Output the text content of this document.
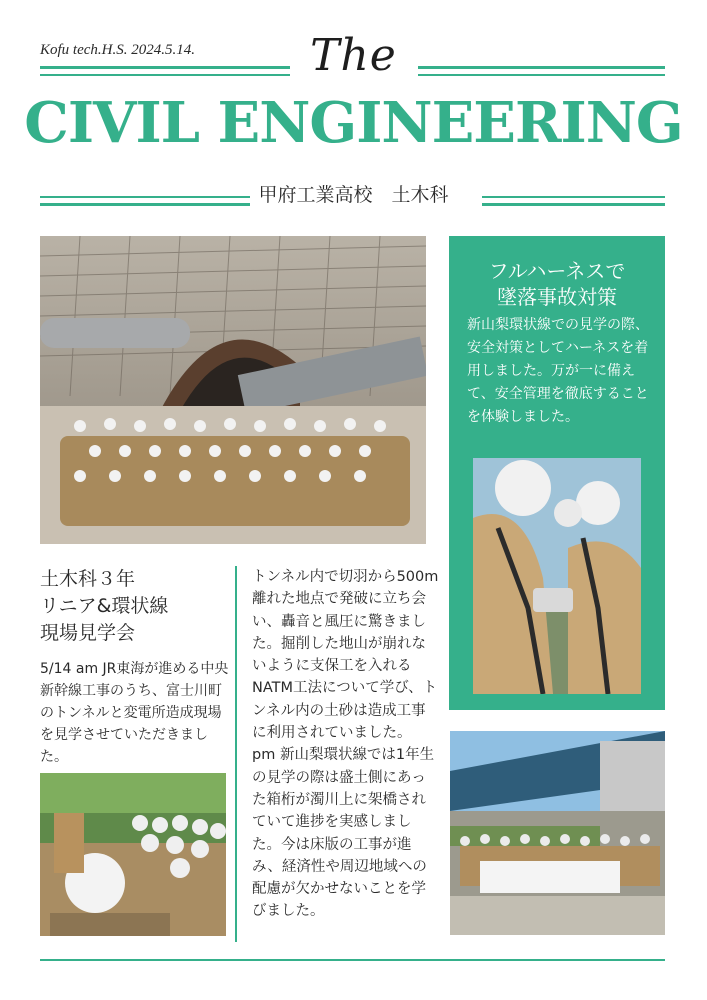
Kofu tech.H.S. 2024.5.14.	The
CIVIL ENGINEERING
甲府工業高校　土木科
フルハーネスで
墜落事故対策
新山梨環状線での見学の際、安全対策としてハーネスを着用しました。万が一に備えて、安全管理を徹底することを体験しました。
土木科３年
リニア&環状線
現場見学会
5/14 am JR東海が進める中央新幹線工事のうち、富士川町のトンネルと変電所造成現場を見学させていただきました。
トンネル内で切羽から500m離れた地点で発破に立ち会い、轟音と風圧に驚きました。掘削した地山が崩れないように支保工を入れるNATM工法について学び、トンネル内の土砂は造成工事に利用されていました。
pm 新山梨環状線では1年生の見学の際は盛土側にあった箱桁が濁川上に架橋されていて進捗を実感しました。今は床版の工事が進み、経済性や周辺地域への配慮が欠かせないことを学びました。
